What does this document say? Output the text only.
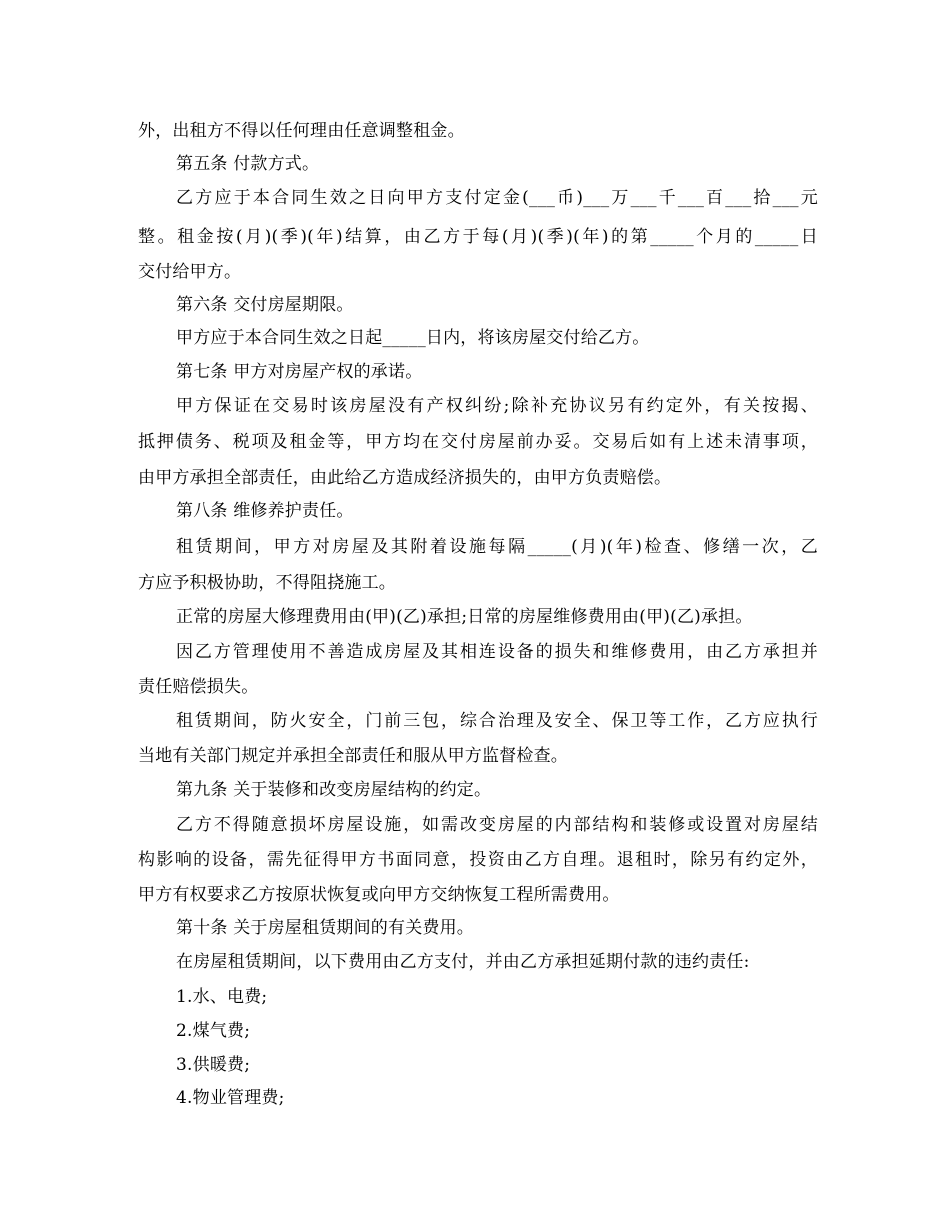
外，出租方不得以任何理由任意调整租金。
第五条 付款方式。
乙方应于本合同生效之日向甲方支付定金(___币)___万___千___百___拾___元
整。租金按(月)(季)(年)结算，由乙方于每(月)(季)(年)的第_____个月的_____日
交付给甲方。
第六条 交付房屋期限。
甲方应于本合同生效之日起_____日内，将该房屋交付给乙方。
第七条 甲方对房屋产权的承诺。
甲方保证在交易时该房屋没有产权纠纷;除补充协议另有约定外，有关按揭、
抵押债务、税项及租金等，甲方均在交付房屋前办妥。交易后如有上述未清事项，
由甲方承担全部责任，由此给乙方造成经济损失的，由甲方负责赔偿。
第八条 维修养护责任。
租赁期间，甲方对房屋及其附着设施每隔_____(月)(年)检查、修缮一次，乙
方应予积极协助，不得阻挠施工。
正常的房屋大修理费用由(甲)(乙)承担;日常的房屋维修费用由(甲)(乙)承担。
因乙方管理使用不善造成房屋及其相连设备的损失和维修费用，由乙方承担并
责任赔偿损失。
租赁期间，防火安全，门前三包，综合治理及安全、保卫等工作，乙方应执行
当地有关部门规定并承担全部责任和服从甲方监督检查。
第九条 关于装修和改变房屋结构的约定。
乙方不得随意损坏房屋设施，如需改变房屋的内部结构和装修或设置对房屋结
构影响的设备，需先征得甲方书面同意，投资由乙方自理。退租时，除另有约定外，
甲方有权要求乙方按原状恢复或向甲方交纳恢复工程所需费用。
第十条 关于房屋租赁期间的有关费用。
在房屋租赁期间，以下费用由乙方支付，并由乙方承担延期付款的违约责任:
1.水、电费;
2.煤气费;
3.供暖费;
4.物业管理费;
